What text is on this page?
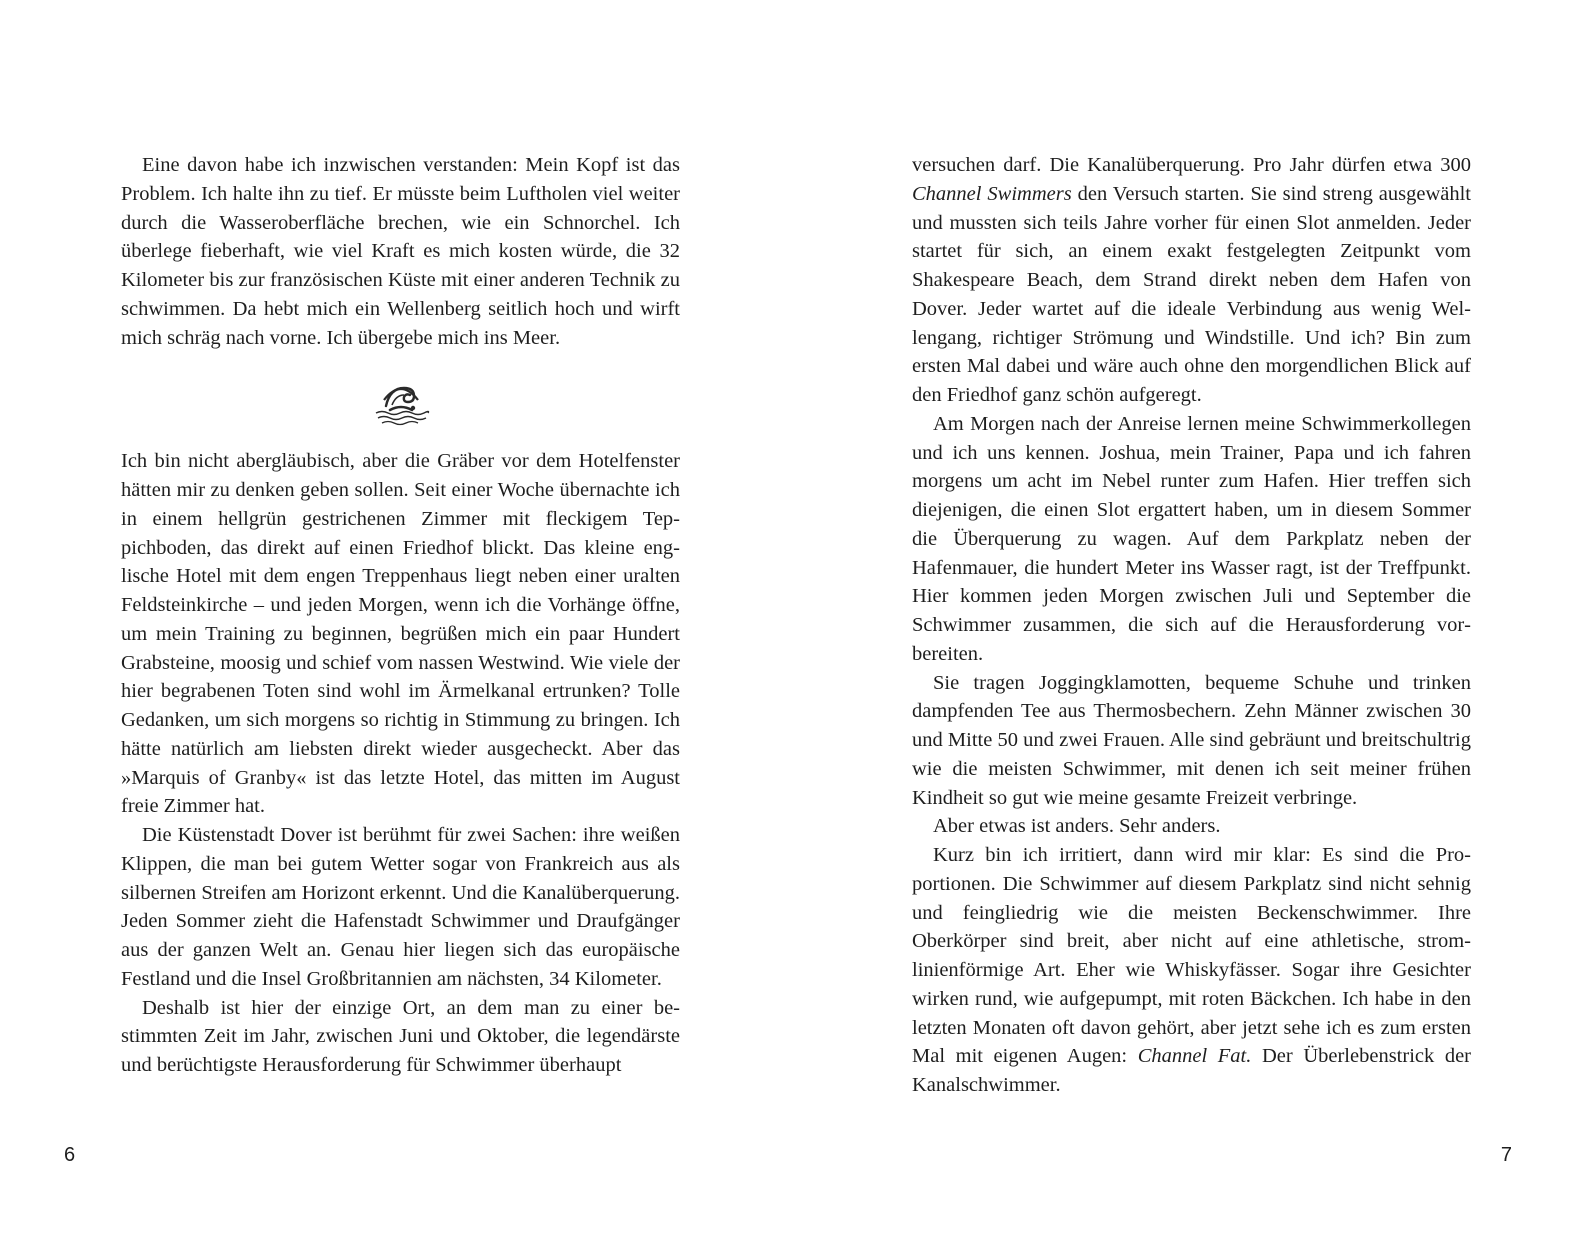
Eine davon habe ich inzwischen verstanden: Mein Kopf ist das Problem. Ich halte ihn zu tief. Er müsste beim Luftholen viel weiter durch die Wasseroberfläche brechen, wie ein Schnorchel. Ich überlege fieberhaft, wie viel Kraft es mich kosten würde, die 32 Kilometer bis zur französischen Küste mit einer anderen Technik zu schwimmen. Da hebt mich ein Wellenberg seitlich hoch und wirft mich schräg nach vorne. Ich übergebe mich ins Meer.

Ich bin nicht abergläubisch, aber die Gräber vor dem Hotelfenster hätten mir zu denken geben sollen. Seit einer Woche übernachte ich in einem hellgrün gestrichenen Zimmer mit fleckigem Teppichboden, das direkt auf einen Friedhof blickt. Das kleine englische Hotel mit dem engen Treppenhaus liegt neben einer uralten Feldsteinkirche – und jeden Morgen, wenn ich die Vorhänge öffne, um mein Training zu beginnen, begrüßen mich ein paar Hundert Grabsteine, moosig und schief vom nassen Westwind. Wie viele der hier begrabenen Toten sind wohl im Ärmelkanal ertrunken? Tolle Gedanken, um sich morgens so richtig in Stimmung zu bringen. Ich hätte natürlich am liebsten direkt wieder ausgecheckt. Aber das »Marquis of Granby« ist das letzte Hotel, das mitten im August freie Zimmer hat.

Die Küstenstadt Dover ist berühmt für zwei Sachen: ihre weißen Klippen, die man bei gutem Wetter sogar von Frankreich aus als silbernen Streifen am Horizont erkennt. Und die Kanalüberquerung. Jeden Sommer zieht die Hafenstadt Schwimmer und Draufgänger aus der ganzen Welt an. Genau hier liegen sich das europäische Festland und die Insel Großbritannien am nächsten, 34 Kilometer.

Deshalb ist hier der einzige Ort, an dem man zu einer bestimmten Zeit im Jahr, zwischen Juni und Oktober, die legendärste und berüchtigste Herausforderung für Schwimmer überhaupt

6

versuchen darf. Die Kanalüberquerung. Pro Jahr dürfen etwa 300 Channel Swimmers den Versuch starten. Sie sind streng ausgewählt und mussten sich teils Jahre vorher für einen Slot anmelden. Jeder startet für sich, an einem exakt festgelegten Zeitpunkt vom Shakespeare Beach, dem Strand direkt neben dem Hafen von Dover. Jeder wartet auf die ideale Verbindung aus wenig Wellengang, richtiger Strömung und Windstille. Und ich? Bin zum ersten Mal dabei und wäre auch ohne den morgendlichen Blick auf den Friedhof ganz schön aufgeregt.

Am Morgen nach der Anreise lernen meine Schwimmerkollegen und ich uns kennen. Joshua, mein Trainer, Papa und ich fahren morgens um acht im Nebel runter zum Hafen. Hier treffen sich diejenigen, die einen Slot ergattert haben, um in diesem Sommer die Überquerung zu wagen. Auf dem Parkplatz neben der Hafenmauer, die hundert Meter ins Wasser ragt, ist der Treffpunkt. Hier kommen jeden Morgen zwischen Juli und September die Schwimmer zusammen, die sich auf die Herausforderung vorbereiten.

Sie tragen Joggingklamotten, bequeme Schuhe und trinken dampfenden Tee aus Thermosbechern. Zehn Männer zwischen 30 und Mitte 50 und zwei Frauen. Alle sind gebräunt und breitschultrig wie die meisten Schwimmer, mit denen ich seit meiner frühen Kindheit so gut wie meine gesamte Freizeit verbringe.

Aber etwas ist anders. Sehr anders.

Kurz bin ich irritiert, dann wird mir klar: Es sind die Proportionen. Die Schwimmer auf diesem Parkplatz sind nicht sehnig und feingliedrig wie die meisten Beckenschwimmer. Ihre Oberkörper sind breit, aber nicht auf eine athletische, stromlinienförmige Art. Eher wie Whiskyfässer. Sogar ihre Gesichter wirken rund, wie aufgepumpt, mit roten Bäckchen. Ich habe in den letzten Monaten oft davon gehört, aber jetzt sehe ich es zum ersten Mal mit eigenen Augen: Channel Fat. Der Überlebenstrick der Kanalschwimmer.

7
